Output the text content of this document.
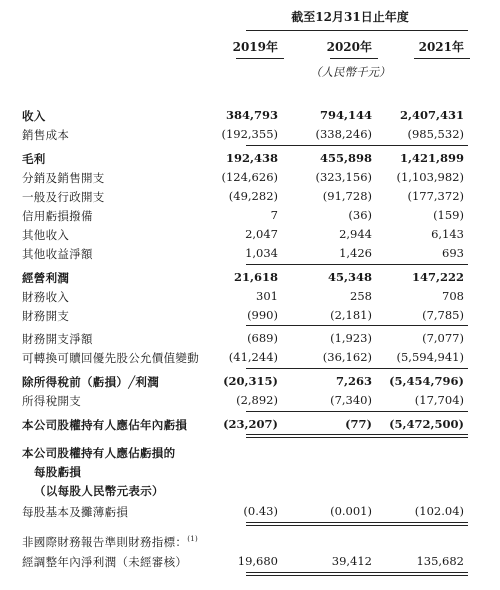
截至12月31日止年度
2019年	2020年	2021年
（人民幣千元）
收入	384,793	794,144 2,407,431
銷售成本	(192,355)	(338,246)	(985,532)
毛利	192,438	455,898 1,421,899
分銷及銷售開支	(124,626)	(323,156) (1,103,982)
一般及行政開支	(49,282)	(91,728)	(177,372)
信用虧損撥備	7	(36)	(159)
其他收入	2,047	2,944	6,143
其他收益淨額	1,034	1,426	693
經營利潤	21,618	45,348	147,222
財務收入	301	258	708
財務開支	(990)	(2,181)	(7,785)
財務開支淨額	(689)	(1,923)	(7,077)
可轉換可贖回優先股公允價值變動	(41,244)	(36,162) (5,594,941)
除所得稅前（虧損）╱利潤	(20,315)	7,263 (5,454,796)
所得稅開支	(2,892)	(7,340)	(17,704)
本公司股權持有人應佔年內虧損	(23,207)	(77) (5,472,500)
本公司股權持有人應佔虧損的
每股虧損
（以每股人民幣元表示）
每股基本及攤薄虧損	(0.43)	(0.001)	(102.04)
非國際財務報告準則財務指標：$^{(1)}$
經調整年內淨利潤（未經審核）	19,680	39,412	135,682
